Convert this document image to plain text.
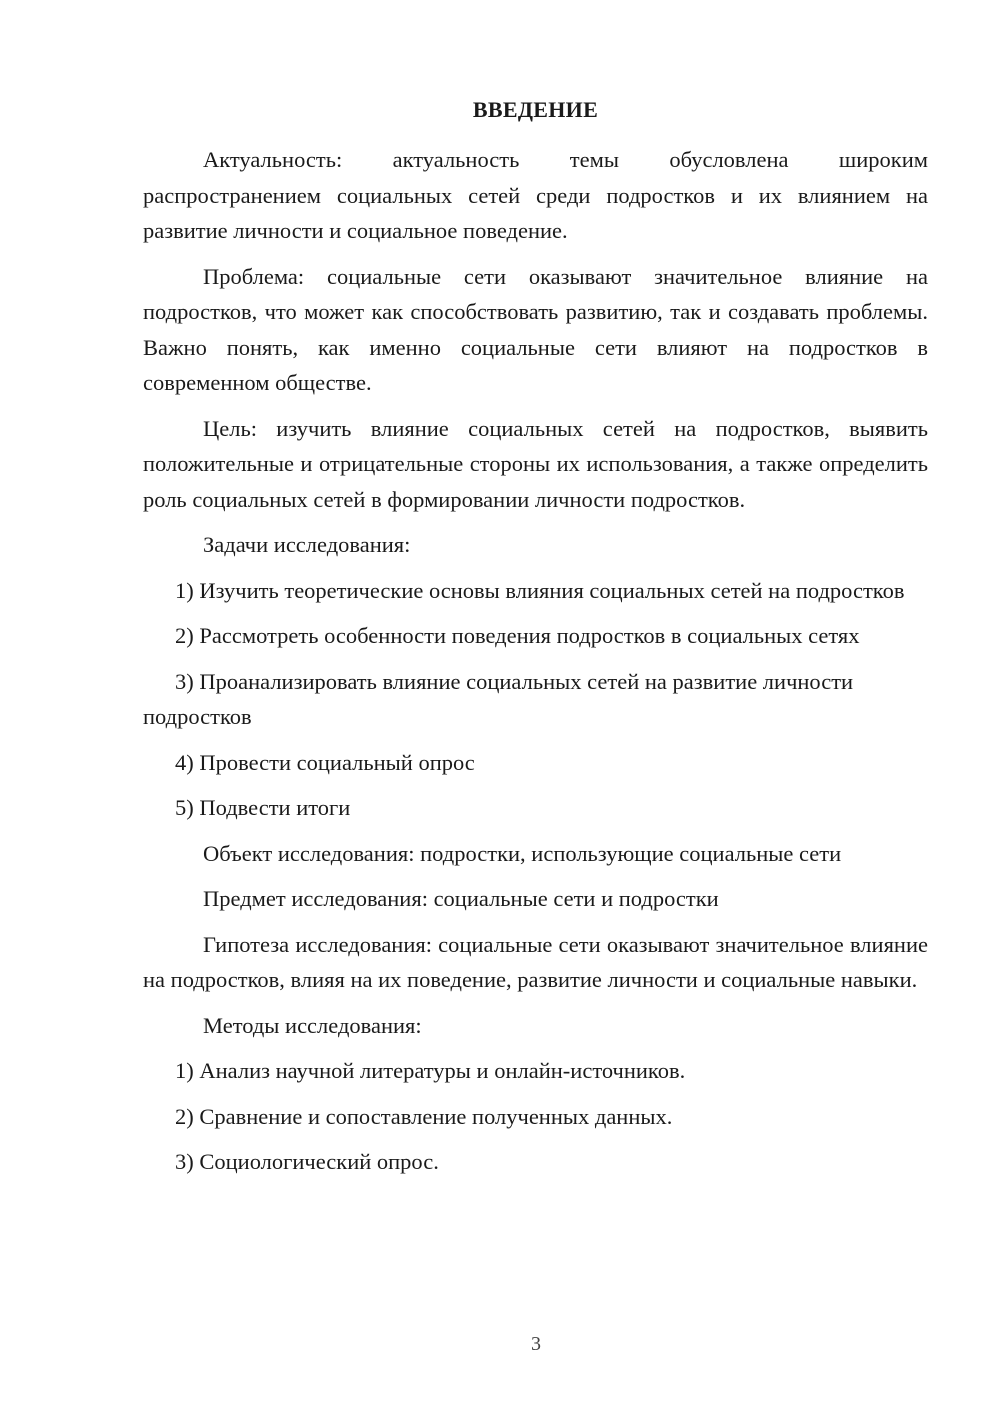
ВВЕДЕНИЕ

Актуальность: актуальность темы обусловлена широким распространением социальных сетей среди подростков и их влиянием на развитие личности и социальное поведение.

Проблема: социальные сети оказывают значительное влияние на подростков, что может как способствовать развитию, так и создавать проблемы. Важно понять, как именно социальные сети влияют на подростков в современном обществе.

Цель: изучить влияние социальных сетей на подростков, выявить положительные и отрицательные стороны их использования, а также определить роль социальных сетей в формировании личности подростков.

Задачи исследования:

1) Изучить теоретические основы влияния социальных сетей на подростков

2) Рассмотреть особенности поведения подростков в социальных сетях

3) Проанализировать влияние социальных сетей на развитие личности подростков

4) Провести социальный опрос

5) Подвести итоги

Объект исследования: подростки, использующие социальные сети

Предмет исследования: социальные сети и подростки

Гипотеза исследования: социальные сети оказывают значительное влияние на подростков, влияя на их поведение, развитие личности и социальные навыки.

Методы исследования:

1) Анализ научной литературы и онлайн-источников.

2) Сравнение и сопоставление полученных данных.

3) Социологический опрос.

3
